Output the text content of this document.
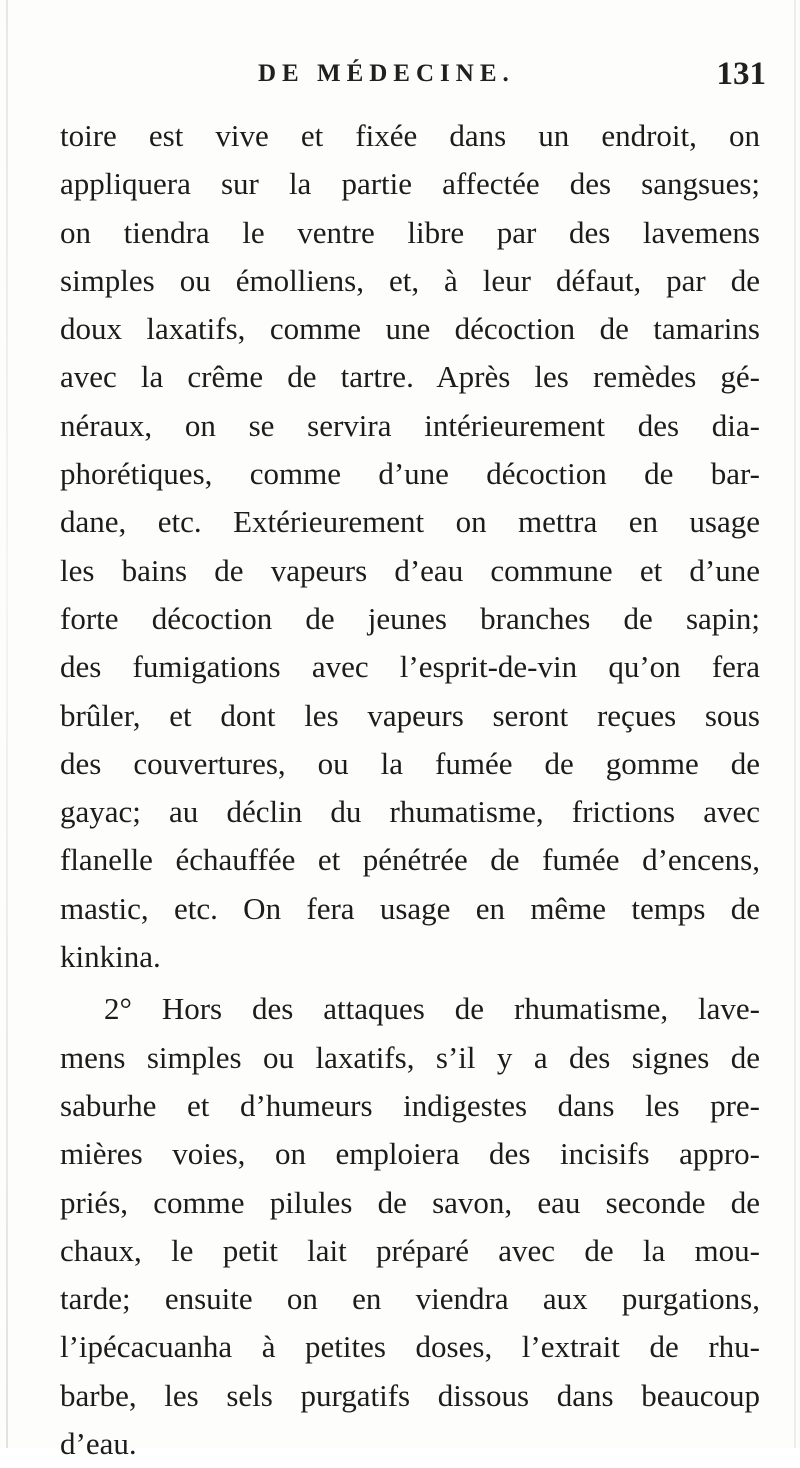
DE MÉDECINE.	131
toire est vive et fixée dans un endroit, on
appliquera sur la partie affectée des sangsues;
on tiendra le ventre libre par des lavemens
simples ou émolliens, et, à leur défaut, par de
doux laxatifs, comme une décoction de tamarins
avec la crême de tartre. Après les remèdes gé-
néraux, on se servira intérieurement des dia-
phorétiques, comme d’une décoction de bar-
dane, etc. Extérieurement on mettra en usage
les bains de vapeurs d’eau commune et d’une
forte décoction de jeunes branches de sapin;
des fumigations avec l’esprit-de-vin qu’on fera
brûler, et dont les vapeurs seront reçues sous
des couvertures, ou la fumée de gomme de
gayac; au déclin du rhumatisme, frictions avec
flanelle échauffée et pénétrée de fumée d’encens,
mastic, etc. On fera usage en même temps de
kinkina.
2° Hors des attaques de rhumatisme, lave-
mens simples ou laxatifs, s’il y a des signes de
saburhe et d’humeurs indigestes dans les pre-
mières voies, on emploiera des incisifs appro-
priés, comme pilules de savon, eau seconde de
chaux, le petit lait préparé avec de la mou-
tarde; ensuite on en viendra aux purgations,
l’ipécacuanha à petites doses, l’extrait de rhu-
barbe, les sels purgatifs dissous dans beaucoup
d’eau.
